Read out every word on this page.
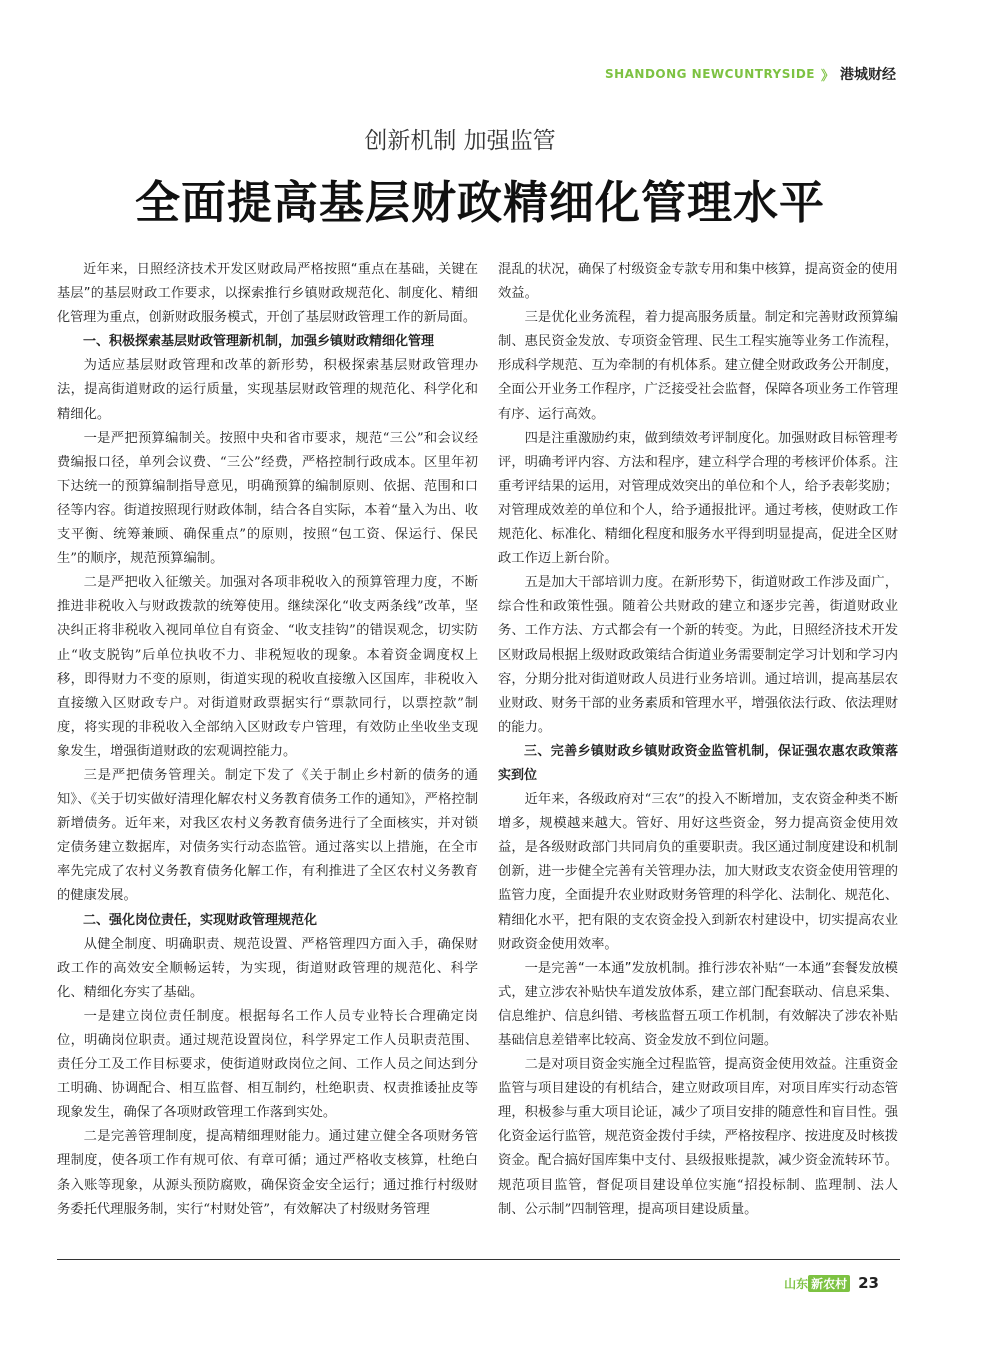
SHANDONG NEWCUNTRYSIDE 》 港城财经
创新机制 加强监管
全面提高基层财政精细化管理水平

近年来，日照经济技术开发区财政局严格按照“重点在基础，关键在基层”的基层财政工作要求，以探索推行乡镇财政规范化、制度化、精细化管理为重点，创新财政服务模式，开创了基层财政管理工作的新局面。

一、积极探索基层财政管理新机制，加强乡镇财政精细化管理

为适应基层财政管理和改革的新形势，积极探索基层财政管理办法，提高街道财政的运行质量，实现基层财政管理的规范化、科学化和精细化。

一是严把预算编制关。按照中央和省市要求，规范“三公”和会议经费编报口径，单列会议费、“三公”经费，严格控制行政成本。区里年初下达统一的预算编制指导意见，明确预算的编制原则、依据、范围和口径等内容。街道按照现行财政体制，结合各自实际，本着“量入为出、收支平衡、统筹兼顾、确保重点”的原则，按照“包工资、保运行、保民生”的顺序，规范预算编制。

二是严把收入征缴关。加强对各项非税收入的预算管理力度，不断推进非税收入与财政拨款的统筹使用。继续深化“收支两条线”改革，坚决纠正将非税收入视同单位自有资金、“收支挂钩”的错误观念，切实防止“收支脱钩”后单位执收不力、非税短收的现象。本着资金调度权上移，即得财力不变的原则，街道实现的税收直接缴入区国库，非税收入直接缴入区财政专户。对街道财政票据实行“票款同行，以票控款”制度，将实现的非税收入全部纳入区财政专户管理，有效防止坐收坐支现象发生，增强街道财政的宏观调控能力。

三是严把债务管理关。制定下发了《关于制止乡村新的债务的通知》、《关于切实做好清理化解农村义务教育债务工作的通知》，严格控制新增债务。近年来，对我区农村义务教育债务进行了全面核实，并对锁定债务建立数据库，对债务实行动态监管。通过落实以上措施，在全市率先完成了农村义务教育债务化解工作，有利推进了全区农村义务教育的健康发展。

二、强化岗位责任，实现财政管理规范化

从健全制度、明确职责、规范设置、严格管理四方面入手，确保财政工作的高效安全顺畅运转，为实现，街道财政管理的规范化、科学化、精细化夯实了基础。

一是建立岗位责任制度。根据每名工作人员专业特长合理确定岗位，明确岗位职责。通过规范设置岗位，科学界定工作人员职责范围、责任分工及工作目标要求，使街道财政岗位之间、工作人员之间达到分工明确、协调配合、相互监督、相互制约，杜绝职责、权责推诿扯皮等现象发生，确保了各项财政管理工作落到实处。

二是完善管理制度，提高精细理财能力。通过建立健全各项财务管理制度，使各项工作有规可依、有章可循；通过严格收支核算，杜绝白条入账等现象，从源头预防腐败，确保资金安全运行；通过推行村级财务委托代理服务制，实行“村财处管”，有效解决了村级财务管理

混乱的状况，确保了村级资金专款专用和集中核算，提高资金的使用效益。

三是优化业务流程，着力提高服务质量。制定和完善财政预算编制、惠民资金发放、专项资金管理、民生工程实施等业务工作流程，形成科学规范、互为牵制的有机体系。建立健全财政政务公开制度，全面公开业务工作程序，广泛接受社会监督，保障各项业务工作管理有序、运行高效。

四是注重激励约束，做到绩效考评制度化。加强财政目标管理考评，明确考评内容、方法和程序，建立科学合理的考核评价体系。注重考评结果的运用，对管理成效突出的单位和个人，给予表彰奖励；对管理成效差的单位和个人，给予通报批评。通过考核，使财政工作规范化、标准化、精细化程度和服务水平得到明显提高，促进全区财政工作迈上新台阶。

五是加大干部培训力度。在新形势下，街道财政工作涉及面广，综合性和政策性强。随着公共财政的建立和逐步完善，街道财政业务、工作方法、方式都会有一个新的转变。为此，日照经济技术开发区财政局根据上级财政政策结合街道业务需要制定学习计划和学习内容，分期分批对街道财政人员进行业务培训。通过培训，提高基层农业财政、财务干部的业务素质和管理水平，增强依法行政、依法理财的能力。

三、完善乡镇财政乡镇财政资金监管机制，保证强农惠农政策落实到位

近年来，各级政府对“三农”的投入不断增加，支农资金种类不断增多，规模越来越大。管好、用好这些资金，努力提高资金使用效益，是各级财政部门共同肩负的重要职责。我区通过制度建设和机制创新，进一步健全完善有关管理办法，加大财政支农资金使用管理的监管力度，全面提升农业财政财务管理的科学化、法制化、规范化、精细化水平，把有限的支农资金投入到新农村建设中，切实提高农业财政资金使用效率。

一是完善“一本通”发放机制。推行涉农补贴“一本通”套餐发放模式，建立涉农补贴快车道发放体系，建立部门配套联动、信息采集、信息维护、信息纠错、考核监督五项工作机制，有效解决了涉农补贴基础信息差错率比较高、资金发放不到位问题。

二是对项目资金实施全过程监管，提高资金使用效益。注重资金监管与项目建设的有机结合，建立财政项目库，对项目库实行动态管理，积极参与重大项目论证，减少了项目安排的随意性和盲目性。强化资金运行监管，规范资金拨付手续，严格按程序、按进度及时核拨资金。配合搞好国库集中支付、县级报账提款，减少资金流转环节。规范项目监管，督促项目建设单位实施“招投标制、监理制、法人制、公示制”四制管理，提高项目建设质量。

山东 新农村 23
